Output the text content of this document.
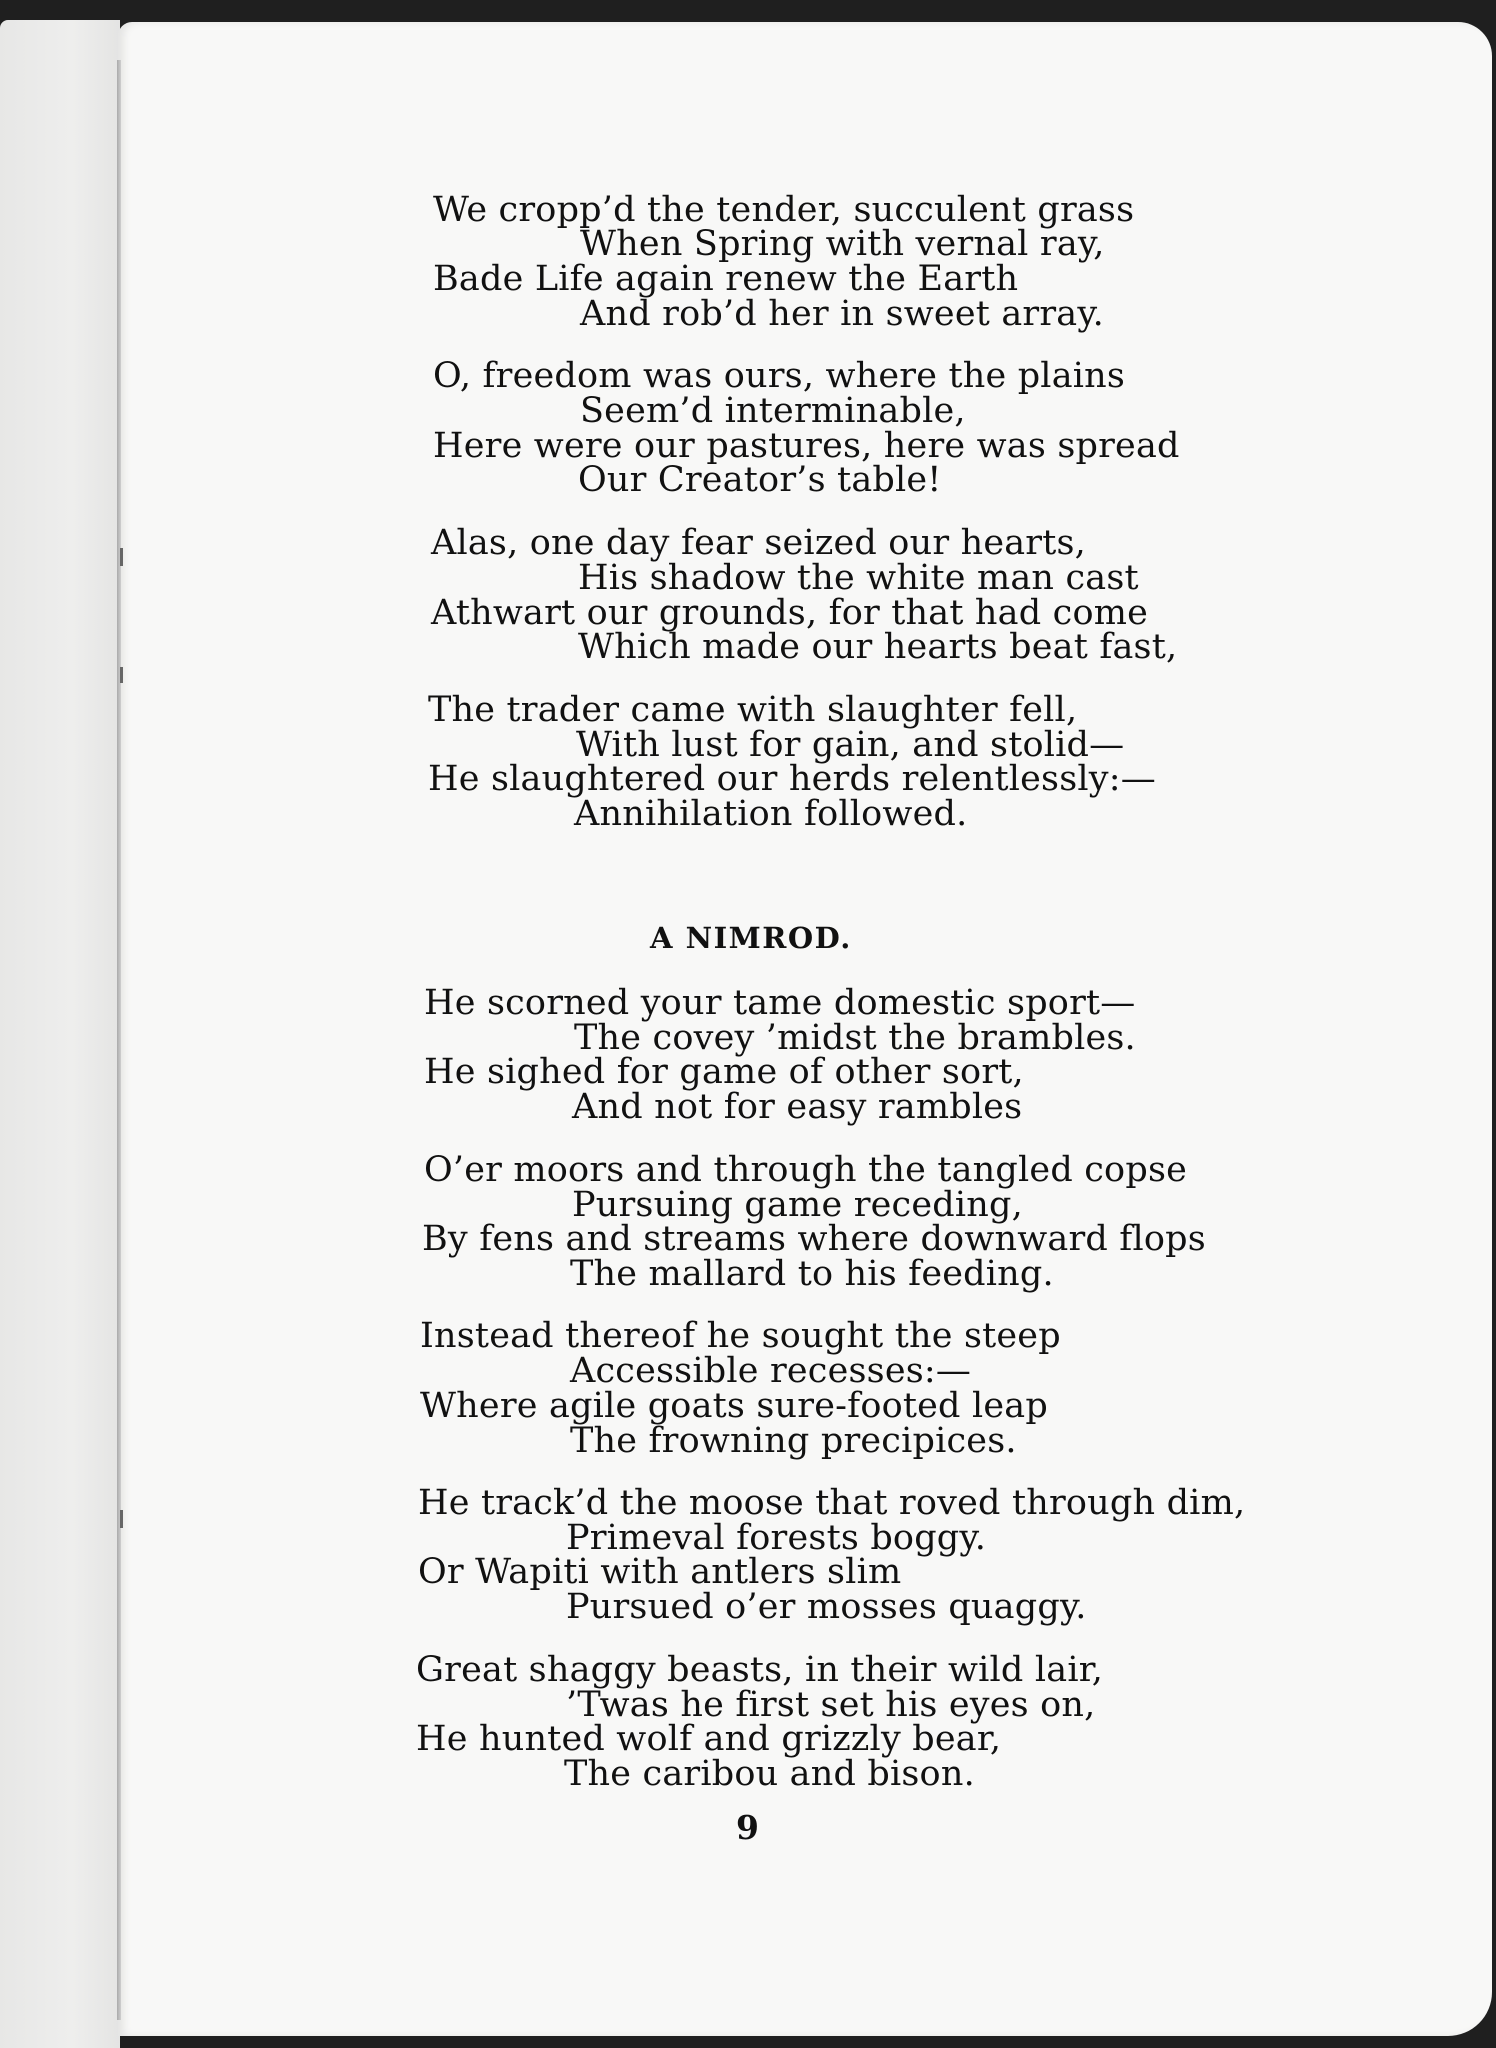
We cropp’d the tender, succulent grass
When Spring with vernal ray,
Bade Life again renew the Earth
And rob’d her in sweet array.
O, freedom was ours, where the plains
Seem’d interminable,
Here were our pastures, here was spread
Our Creator’s table!
Alas, one day fear seized our hearts,
His shadow the white man cast
Athwart our grounds, for that had come
Which made our hearts beat fast,
The trader came with slaughter fell,
With lust for gain, and stolid—
He slaughtered our herds relentlessly:—
Annihilation followed.
A NIMROD.
He scorned your tame domestic sport—
The covey ’midst the brambles.
He sighed for game of other sort,
And not for easy rambles
O’er moors and through the tangled copse
Pursuing game receding,
By fens and streams where downward flops
The mallard to his feeding.
Instead thereof he sought the steep
Accessible recesses:—
Where agile goats sure-footed leap
The frowning precipices.
He track’d the moose that roved through dim,
Primeval forests boggy.
Or Wapiti with antlers slim
Pursued o’er mosses quaggy.
Great shaggy beasts, in their wild lair,
’Twas he first set his eyes on,
He hunted wolf and grizzly bear,
The caribou and bison.
9
